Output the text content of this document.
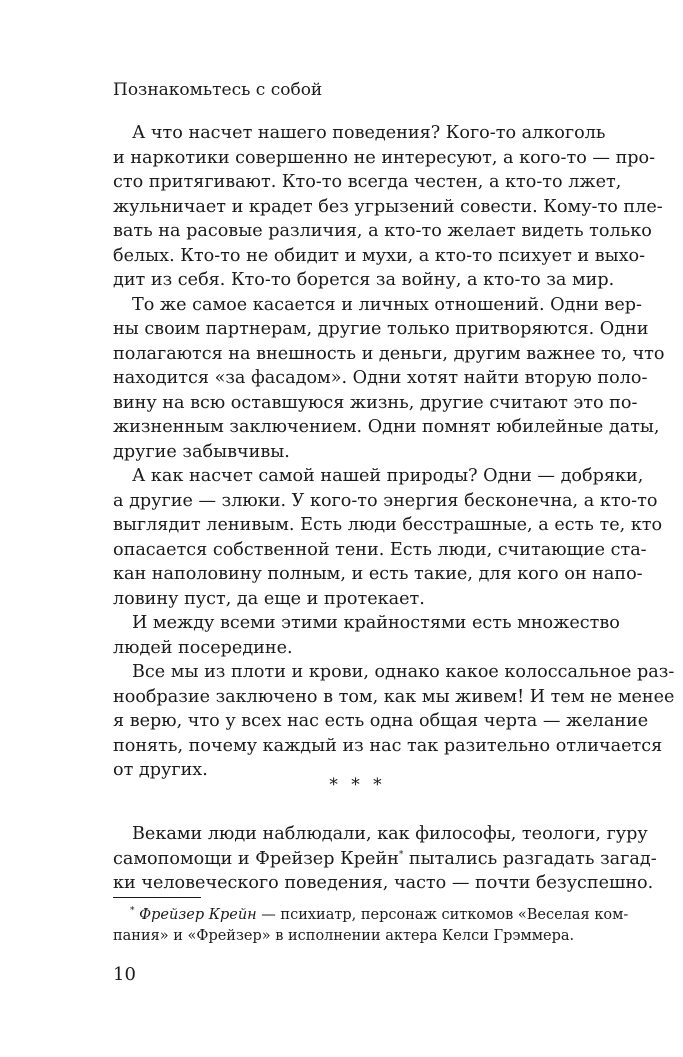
Познакомьтесь с собой
А что насчет нашего поведения? Кого-то алкоголь
и наркотики совершенно не интересуют, а кого-то — про-
сто притягивают. Кто-то всегда честен, а кто-то лжет,
жульничает и крадет без угрызений совести. Кому-то пле-
вать на расовые различия, а кто-то желает видеть только
белых. Кто-то не обидит и мухи, а кто-то психует и выхо-
дит из себя. Кто-то борется за войну, а кто-то за мир.
То же самое касается и личных отношений. Одни вер-
ны своим партнерам, другие только притворяются. Одни
полагаются на внешность и деньги, другим важнее то, что
находится «за фасадом». Одни хотят найти вторую поло-
вину на всю оставшуюся жизнь, другие считают это по-
жизненным заключением. Одни помнят юбилейные даты,
другие забывчивы.
А как насчет самой нашей природы? Одни — добряки,
а другие — злюки. У кого-то энергия бесконечна, а кто-то
выглядит ленивым. Есть люди бесстрашные, а есть те, кто
опасается собственной тени. Есть люди, считающие ста-
кан наполовину полным, и есть такие, для кого он напо-
ловину пуст, да еще и протекает.
И между всеми этими крайностями есть множество
людей посередине.
Все мы из плоти и крови, однако какое колоссальное раз-
нообразие заключено в том, как мы живем! И тем не менее
я верю, что у всех нас есть одна общая черта — желание
понять, почему каждый из нас так разительно отличается
от других.
* * *
Веками люди наблюдали, как философы, теологи, гуру
самопомощи и Фрейзер Крейн* пытались разгадать загад-
ки человеческого поведения, часто — почти безуспешно.
* Фрейзер Крейн — психиатр, персонаж ситкомов «Веселая ком-
пания» и «Фрейзер» в исполнении актера Келси Грэммера.
10
